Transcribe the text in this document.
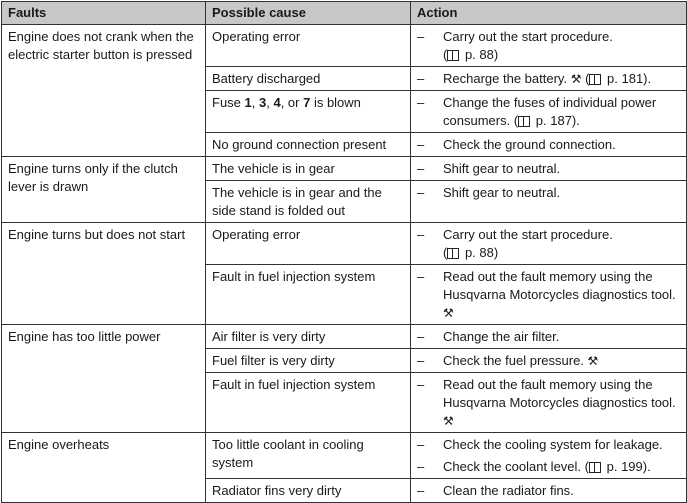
Faults	Possible cause	Action
Engine does not crank when the electric starter button is pressed	Operating error	– Carry out the start procedure.
( p. 88)

	Battery discharged	– Recharge the battery. ⚒ ( p. 181).

	Fuse 1, 3, 4, or 7 is blown	– Change the fuses of individual power consumers. ( p. 187).

	No ground connection present	– Check the ground connection.

Engine turns only if the clutch lever is drawn	The vehicle is in gear	– Shift gear to neutral.

	The vehicle is in gear and the side stand is folded out	– Shift gear to neutral.

Engine turns but does not start	Operating error	– Carry out the start procedure.
( p. 88)

	Fault in fuel injection system	– Read out the fault memory using the Husqvarna Motorcycles diagnostics tool. ⚒

Engine has too little power	Air filter is very dirty	– Change the air filter.

	Fuel filter is very dirty	– Check the fuel pressure. ⚒

	Fault in fuel injection system	– Read out the fault memory using the Husqvarna Motorcycles diagnostics tool. ⚒

Engine overheats	Too little coolant in cooling system	– Check the cooling system for leakage.
– Check the coolant level. ( p. 199).

	Radiator fins very dirty	– Clean the radiator fins.
